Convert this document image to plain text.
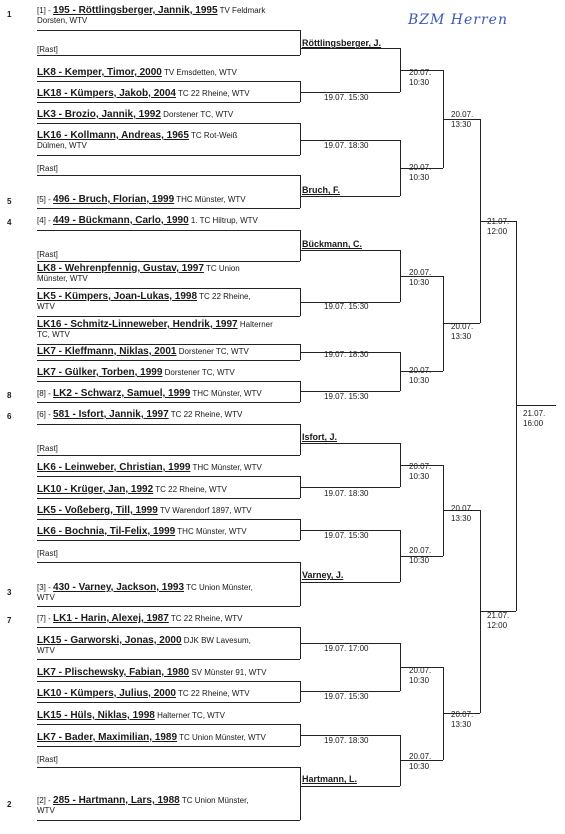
BZM Herren
1
5
4
8
6
3
7
2
[1] - 195 - Röttlingsberger, Jannik, 1995 TV Feldmark
Dorsten, WTV
LK8 - Kemper, Timor, 2000 TV Emsdetten, WTV
LK18 - Kümpers, Jakob, 2004 TC 22 Rheine, WTV
LK3 - Brozio, Jannik, 1992 Dorstener TC, WTV
LK16 - Kollmann, Andreas, 1965 TC Rot-Weiß
Dülmen, WTV
[5] - 496 - Bruch, Florian, 1999 THC Münster, WTV
[4] - 449 - Bückmann, Carlo, 1990 1. TC Hiltrup, WTV
LK8 - Wehrenpfennig, Gustav, 1997 TC Union
Münster, WTV
LK5 - Kümpers, Joan-Lukas, 1998 TC 22 Rheine,
WTV
LK16 - Schmitz-Linneweber, Hendrik, 1997 Halterner
TC, WTV
LK7 - Kleffmann, Niklas, 2001 Dorstener TC, WTV
LK7 - Gülker, Torben, 1999 Dorstener TC, WTV
[8] - LK2 - Schwarz, Samuel, 1999 THC Münster, WTV
[6] - 581 - Isfort, Jannik, 1997 TC 22 Rheine, WTV
LK6 - Leinweber, Christian, 1999 THC Münster, WTV
LK10 - Krüger, Jan, 1992 TC 22 Rheine, WTV
LK5 - Voßeberg, Till, 1999 TV Warendorf 1897, WTV
LK6 - Bochnia, Til-Felix, 1999 THC Münster, WTV
[3] - 430 - Varney, Jackson, 1993 TC Union Münster,
WTV
[7] - LK1 - Harin, Alexej, 1987 TC 22 Rheine, WTV
LK15 - Garworski, Jonas, 2000 DJK BW Lavesum,
WTV
LK7 - Plischewsky, Fabian, 1980 SV Münster 91, WTV
LK10 - Kümpers, Julius, 2000 TC 22 Rheine, WTV
LK15 - Hüls, Niklas, 1998 Halterner TC, WTV
LK7 - Bader, Maximilian, 1989 TC Union Münster, WTV
[2] - 285 - Hartmann, Lars, 1988 TC Union Münster,
WTV
[Rast]
[Rast]
[Rast]
[Rast]
[Rast]
[Rast]
Röttlingsberger, J.
Bruch, F.
Bückmann, C.
Isfort, J.
Varney, J.
Hartmann, L.
19.07. 15:30
19.07. 18:30
19.07. 15:30
19.07. 18:30
19.07. 15:30
19.07. 18:30
19.07. 15:30
19.07. 17:00
19.07. 15:30
19.07. 18:30
20.07.
10:30
20.07.
10:30
20.07.
10:30
20.07.
10:30
20.07.
10:30
20.07.
10:30
20.07.
10:30
20.07.
10:30
20.07.
13:30
20.07.
13:30
20.07.
13:30
20.07.
13:30
21.07.
12:00
21.07.
12:00
21.07.
16:00
